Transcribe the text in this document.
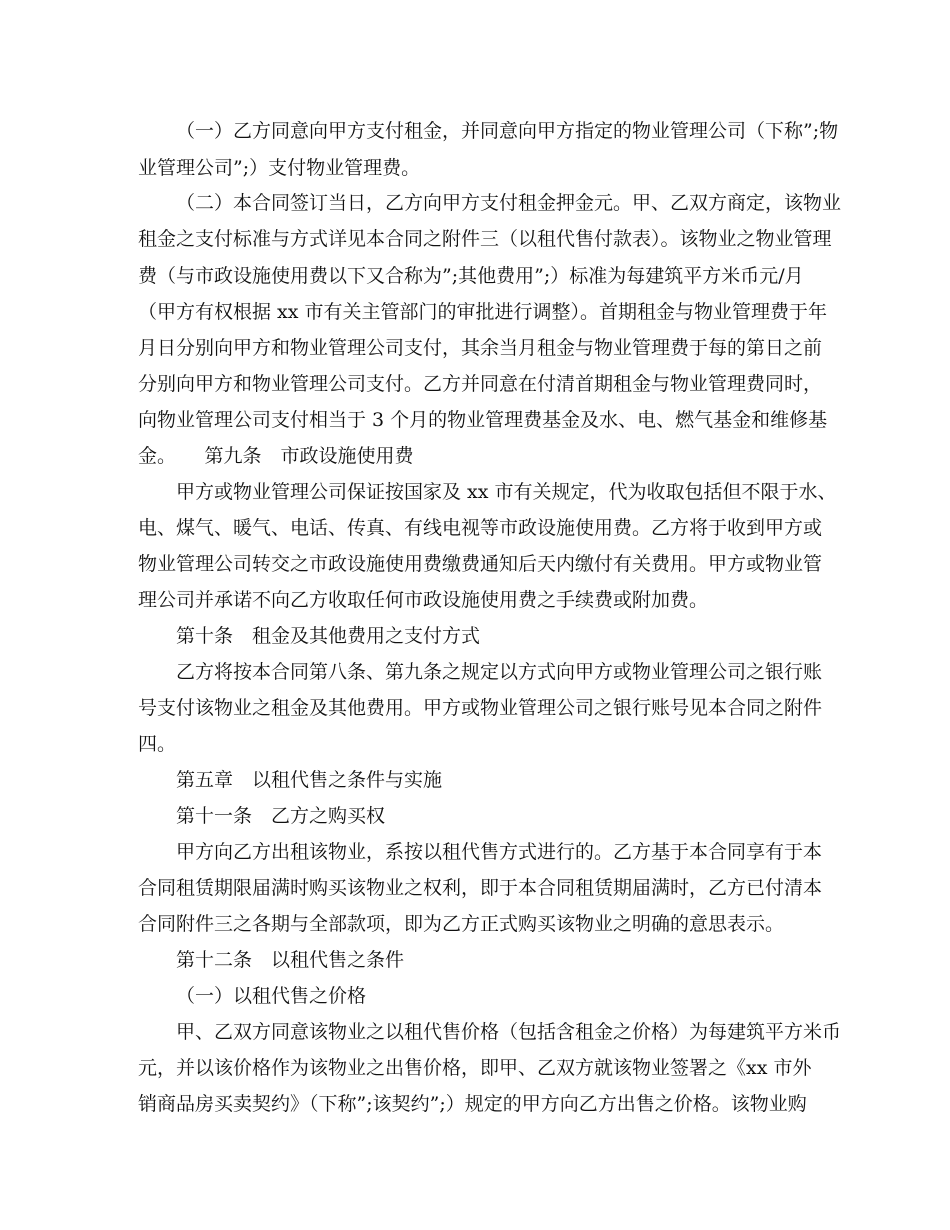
（一）乙方同意向甲方支付租金，并同意向甲方指定的物业管理公司（下称”;物
业管理公司”;）支付物业管理费。
（二）本合同签订当日，乙方向甲方支付租金押金元。甲、乙双方商定，该物业
租金之支付标准与方式详见本合同之附件三（以租代售付款表）。该物业之物业管理
费（与市政设施使用费以下又合称为”;其他费用”;）标准为每建筑平方米币元/月
（甲方有权根据 xx 市有关主管部门的审批进行调整）。首期租金与物业管理费于年
月日分别向甲方和物业管理公司支付，其余当月租金与物业管理费于每的第日之前
分别向甲方和物业管理公司支付。乙方并同意在付清首期租金与物业管理费同时，
向物业管理公司支付相当于 3 个月的物业管理费基金及水、电、燃气基金和维修基
金。　　第九条　市政设施使用费
甲方或物业管理公司保证按国家及 xx 市有关规定，代为收取包括但不限于水、
电、煤气、暖气、电话、传真、有线电视等市政设施使用费。乙方将于收到甲方或
物业管理公司转交之市政设施使用费缴费通知后天内缴付有关费用。甲方或物业管
理公司并承诺不向乙方收取任何市政设施使用费之手续费或附加费。
第十条　租金及其他费用之支付方式
乙方将按本合同第八条、第九条之规定以方式向甲方或物业管理公司之银行账
号支付该物业之租金及其他费用。甲方或物业管理公司之银行账号见本合同之附件
四。
第五章　以租代售之条件与实施
第十一条　乙方之购买权
甲方向乙方出租该物业，系按以租代售方式进行的。乙方基于本合同享有于本
合同租赁期限届满时购买该物业之权利，即于本合同租赁期届满时，乙方已付清本
合同附件三之各期与全部款项，即为乙方正式购买该物业之明确的意思表示。
第十二条　以租代售之条件
（一）以租代售之价格
甲、乙双方同意该物业之以租代售价格（包括含租金之价格）为每建筑平方米币
元，并以该价格作为该物业之出售价格，即甲、乙双方就该物业签署之《xx 市外
销商品房买卖契约》（下称”;该契约”;）规定的甲方向乙方出售之价格。该物业购
